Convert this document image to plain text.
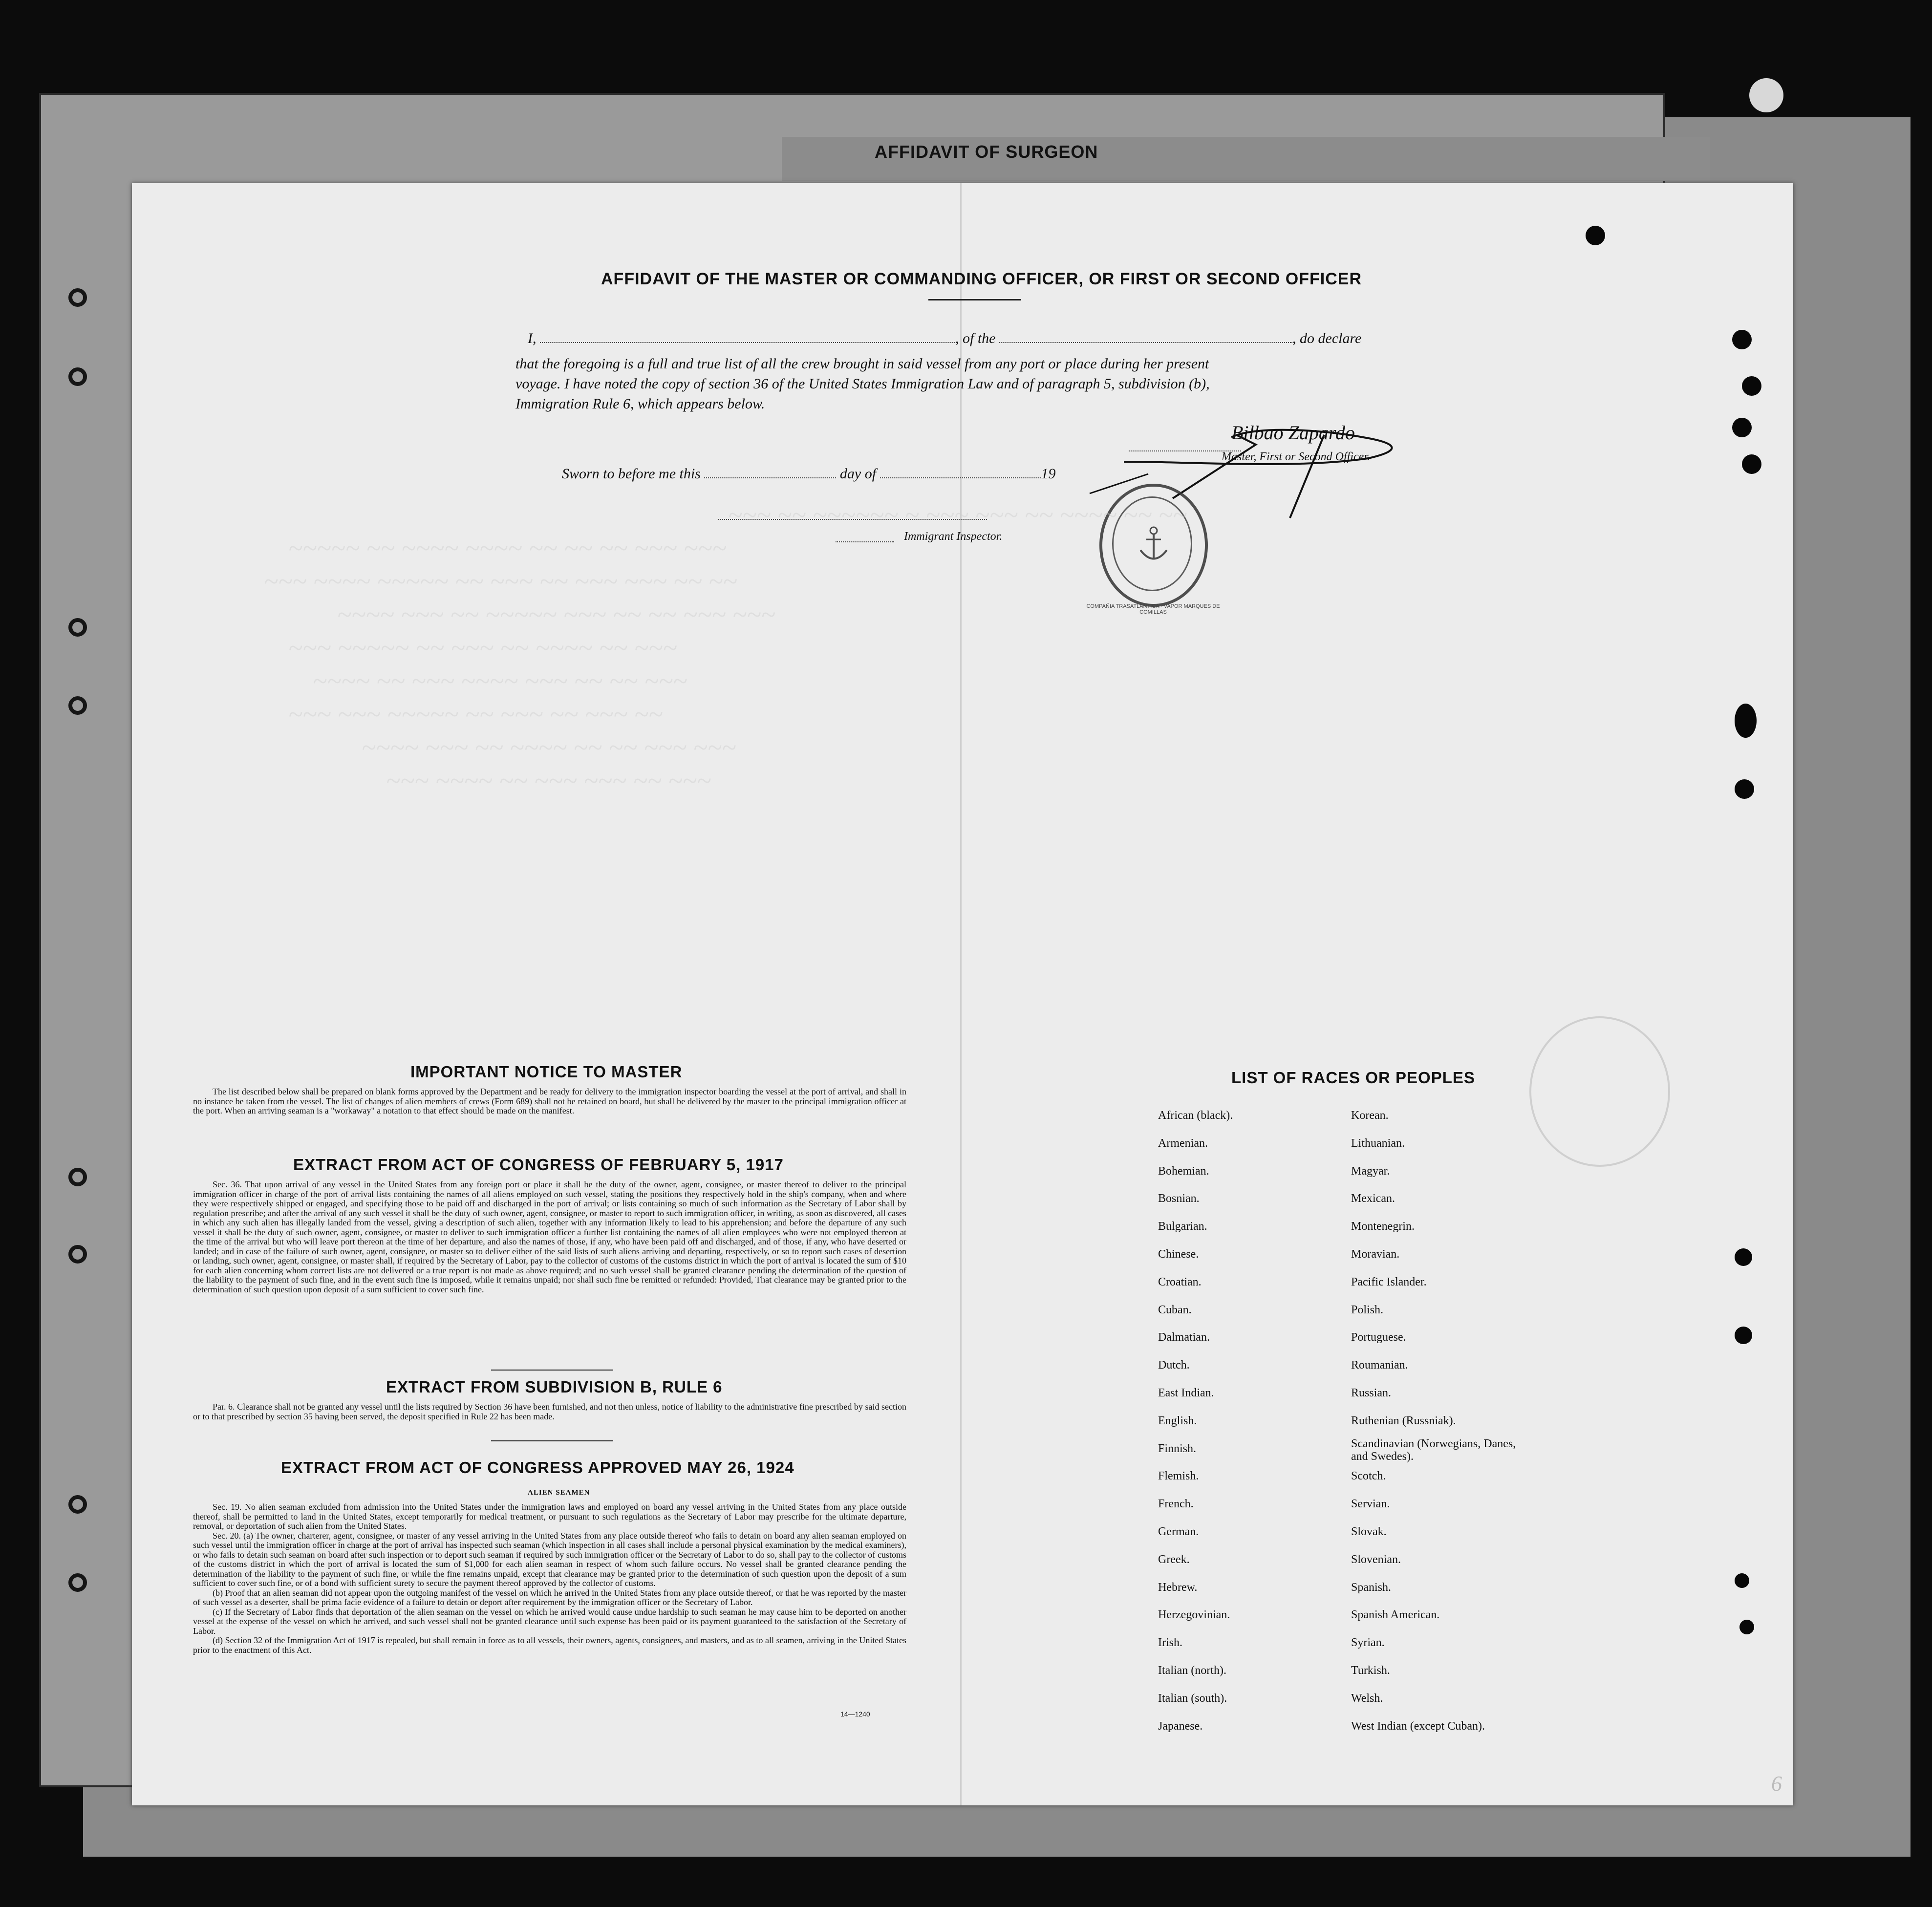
AFFIDAVIT OF SURGEON
AFFIDAVIT OF THE MASTER OR COMMANDING OFFICER, OR FIRST OR SECOND OFFICER
I,	, of the	, do declare
that the foregoing is a full and true list of all the crew brought in said vessel from any port or place during her present
voyage. I have noted the copy of section 36 of the United States Immigration Law and of paragraph 5, subdivision (b),
Immigration Rule 6, which appears below.
Bilbao Zapardo
Master, First or Second Officer.
Sworn to before me this	day of	19
Immigrant Inspector.
COMPAÑIA TRASATLANTICA · VAPOR MARQUES DE COMILLAS
~~~ ~~ ~~~~~~ ~ ~~~ ~~~ ~~ ~~~~ ~~ ~~
~~~~~ ~~ ~~~~ ~~~~ ~~ ~~ ~~ ~~~ ~~~
~~~ ~~~~ ~~~~~ ~~ ~~~ ~~ ~~~ ~~~ ~~ ~~
~~~~ ~~~ ~~ ~~~~~ ~~~ ~~ ~~ ~~~ ~~~
~~~ ~~~~~ ~~ ~~~ ~~ ~~~~ ~~ ~~~
~~~~ ~~ ~~~ ~~~~ ~~~ ~~ ~~ ~~~
~~~ ~~~ ~~~~~ ~~ ~~~ ~~ ~~~ ~~
~~~~ ~~~ ~~ ~~~~ ~~ ~~ ~~~ ~~~
~~~ ~~~~ ~~ ~~~ ~~~ ~~ ~~~
IMPORTANT NOTICE TO MASTER

The list described below shall be prepared on blank forms approved by the Department and be ready for delivery to the immigration inspector boarding the vessel at the port of arrival, and shall in no instance be taken from the vessel. The list of changes of alien members of crews (Form 689) shall not be retained on board, but shall be delivered by the master to the principal immigration officer at the port. When an arriving seaman is a "workaway" a notation to that effect should be made on the manifest.

EXTRACT FROM ACT OF CONGRESS OF FEBRUARY 5, 1917

Sec. 36. That upon arrival of any vessel in the United States from any foreign port or place it shall be the duty of the owner, agent, consignee, or master thereof to deliver to the principal immigration officer in charge of the port of arrival lists containing the names of all aliens employed on such vessel, stating the positions they respectively hold in the ship's company, when and where they were respectively shipped or engaged, and specifying those to be paid off and discharged in the port of arrival; or lists containing so much of such information as the Secretary of Labor shall by regulation prescribe; and after the arrival of any such vessel it shall be the duty of such owner, agent, consignee, or master to report to such immigration officer, in writing, as soon as discovered, all cases in which any such alien has illegally landed from the vessel, giving a description of such alien, together with any information likely to lead to his apprehension; and before the departure of any such vessel it shall be the duty of such owner, agent, consignee, or master to deliver to such immigration officer a further list containing the names of all alien employees who were not employed thereon at the time of the arrival but who will leave port thereon at the time of her departure, and also the names of those, if any, who have been paid off and discharged, and of those, if any, who have deserted or landed; and in case of the failure of such owner, agent, consignee, or master so to deliver either of the said lists of such aliens arriving and departing, respectively, or so to report such cases of desertion or landing, such owner, agent, consignee, or master shall, if required by the Secretary of Labor, pay to the collector of customs of the customs district in which the port of arrival is located the sum of $10 for each alien concerning whom correct lists are not delivered or a true report is not made as above required; and no such vessel shall be granted clearance pending the determination of the question of the liability to the payment of such fine, and in the event such fine is imposed, while it remains unpaid; nor shall such fine be remitted or refunded: Provided, That clearance may be granted prior to the determination of such question upon deposit of a sum sufficient to cover such fine.

EXTRACT FROM SUBDIVISION B, RULE 6

Par. 6. Clearance shall not be granted any vessel until the lists required by Section 36 have been furnished, and not then unless, notice of liability to the administrative fine prescribed by said section or to that prescribed by section 35 having been served, the deposit specified in Rule 22 has been made.

EXTRACT FROM ACT OF CONGRESS APPROVED MAY 26, 1924
ALIEN SEAMEN

Sec. 19. No alien seaman excluded from admission into the United States under the immigration laws and employed on board any vessel arriving in the United States from any place outside thereof, shall be permitted to land in the United States, except temporarily for medical treatment, or pursuant to such regulations as the Secretary of Labor may prescribe for the ultimate departure, removal, or deportation of such alien from the United States.

Sec. 20. (a) The owner, charterer, agent, consignee, or master of any vessel arriving in the United States from any place outside thereof who fails to detain on board any alien seaman employed on such vessel until the immigration officer in charge at the port of arrival has inspected such seaman (which inspection in all cases shall include a personal physical examination by the medical examiners), or who fails to detain such seaman on board after such inspection or to deport such seaman if required by such immigration officer or the Secretary of Labor to do so, shall pay to the collector of customs of the customs district in which the port of arrival is located the sum of $1,000 for each alien seaman in respect of whom such failure occurs. No vessel shall be granted clearance pending the determination of the liability to the payment of such fine, or while the fine remains unpaid, except that clearance may be granted prior to the determination of such question upon the deposit of a sum sufficient to cover such fine, or of a bond with sufficient surety to secure the payment thereof approved by the collector of customs.

(b) Proof that an alien seaman did not appear upon the outgoing manifest of the vessel on which he arrived in the United States from any place outside thereof, or that he was reported by the master of such vessel as a deserter, shall be prima facie evidence of a failure to detain or deport after requirement by the immigration officer or the Secretary of Labor.

(c) If the Secretary of Labor finds that deportation of the alien seaman on the vessel on which he arrived would cause undue hardship to such seaman he may cause him to be deported on another vessel at the expense of the vessel on which he arrived, and such vessel shall not be granted clearance until such expense has been paid or its payment guaranteed to the satisfaction of the Secretary of Labor.

(d) Section 32 of the Immigration Act of 1917 is repealed, but shall remain in force as to all vessels, their owners, agents, consignees, and masters, and as to all seamen, arriving in the United States prior to the enactment of this Act.

14—1240
LIST OF RACES OR PEOPLES
African (black).	Korean.
Armenian.	Lithuanian.
Bohemian.	Magyar.
Bosnian.	Mexican.
Bulgarian.	Montenegrin.
Chinese.	Moravian.
Croatian.	Pacific Islander.
Cuban.	Polish.
Dalmatian.	Portuguese.
Dutch.	Roumanian.
East Indian.	Russian.
English.	Ruthenian (Russniak).
Finnish.	Scandinavian (Norwegians, Danes, and Swedes).
Flemish.	Scotch.
French.	Servian.
German.	Slovak.
Greek.	Slovenian.
Hebrew.	Spanish.
Herzegovinian.	Spanish American.
Irish.	Syrian.
Italian (north).	Turkish.
Italian (south).	Welsh.
Japanese.	West Indian (except Cuban).
6
